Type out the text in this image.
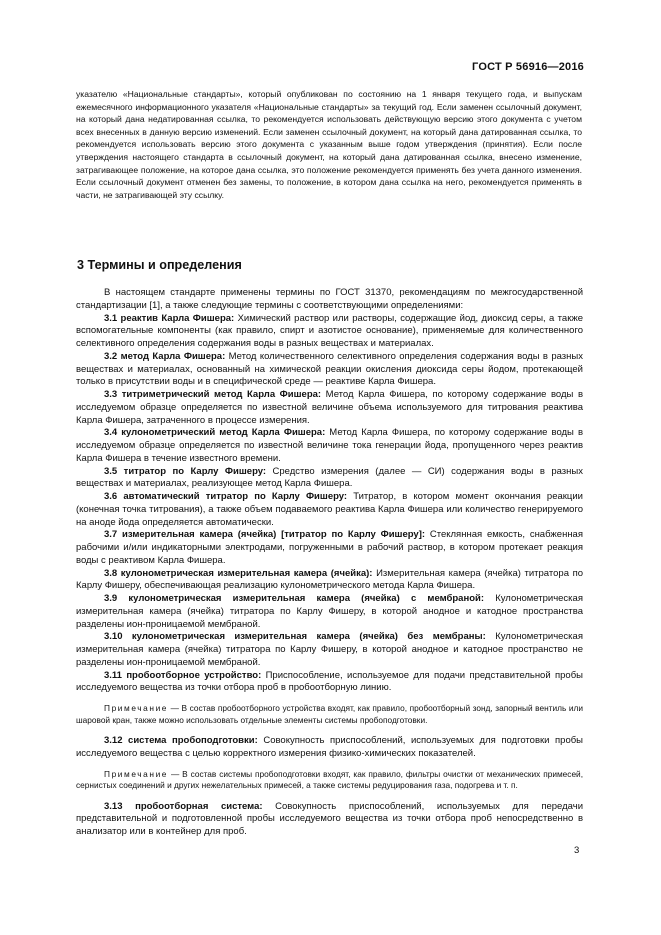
ГОСТ Р 56916—2016
указателю «Национальные стандарты», который опубликован по состоянию на 1 января текущего года, и выпускам ежемесячного информационного указателя «Национальные стандарты» за текущий год. Если заменен ссылочный документ, на который дана недатированная ссылка, то рекомендуется использовать действующую версию этого документа с учетом всех внесенных в данную версию изменений. Если заменен ссылочный документ, на который дана датированная ссылка, то рекомендуется использовать версию этого документа с указанным выше годом утверждения (принятия). Если после утверждения настоящего стандарта в ссылочный документ, на который дана датированная ссылка, внесено изменение, затрагивающее положение, на которое дана ссылка, это положение рекомендуется применять без учета данного изменения. Если ссылочный документ отменен без замены, то положение, в котором дана ссылка на него, рекомендуется применять в части, не затрагивающей эту ссылку.
3 Термины и определения

В настоящем стандарте применены термины по ГОСТ 31370, рекомендациям по межгосударственной стандартизации [1], а также следующие термины с соответствующими определениями:

3.1 реактив Карла Фишера: Химический раствор или растворы, содержащие йод, диоксид серы, а также вспомогательные компоненты (как правило, спирт и азотистое основание), применяемые для количественного селективного определения содержания воды в разных веществах и материалах.

3.2 метод Карла Фишера: Метод количественного селективного определения содержания воды в разных веществах и материалах, основанный на химической реакции окисления диоксида серы йодом, протекающей только в присутствии воды и в специфической среде — реактиве Карла Фишера.

3.3 титриметрический метод Карла Фишера: Метод Карла Фишера, по которому содержание воды в исследуемом образце определяется по известной величине объема используемого для титрования реактива Карла Фишера, затраченного в процессе измерения.

3.4 кулонометрический метод Карла Фишера: Метод Карла Фишера, по которому содержание воды в исследуемом образце определяется по известной величине тока генерации йода, пропущенного через реактив Карла Фишера в течение известного времени.

3.5 титратор по Карлу Фишеру: Средство измерения (далее — СИ) содержания воды в разных веществах и материалах, реализующее метод Карла Фишера.

3.6 автоматический титратор по Карлу Фишеру: Титратор, в котором момент окончания реакции (конечная точка титрования), а также объем подаваемого реактива Карла Фишера или количество генерируемого на аноде йода определяется автоматически.

3.7 измерительная камера (ячейка) [титратор по Карлу Фишеру]: Стеклянная емкость, снабженная рабочими и/или индикаторными электродами, погруженными в рабочий раствор, в котором протекает реакция воды с реактивом Карла Фишера.

3.8 кулонометрическая измерительная камера (ячейка): Измерительная камера (ячейка) титратора по Карлу Фишеру, обеспечивающая реализацию кулонометрического метода Карла Фишера.

3.9 кулонометрическая измерительная камера (ячейка) с мембраной: Кулонометрическая измерительная камера (ячейка) титратора по Карлу Фишеру, в которой анодное и катодное пространства разделены ион-проницаемой мембраной.

3.10 кулонометрическая измерительная камера (ячейка) без мембраны: Кулонометрическая измерительная камера (ячейка) титратора по Карлу Фишеру, в которой анодное и катодное пространство не разделены ион-проницаемой мембраной.

3.11 пробоотборное устройство: Приспособление, используемое для подачи представительной пробы исследуемого вещества из точки отбора проб в пробоотборную линию.

Примечание — В состав пробоотборного устройства входят, как правило, пробоотборный зонд, запорный вентиль или шаровой кран, также можно использовать отдельные элементы системы пробоподготовки.

3.12 система пробоподготовки: Совокупность приспособлений, используемых для подготовки пробы исследуемого вещества с целью корректного измерения физико-химических показателей.

Примечание — В состав системы пробоподготовки входят, как правило, фильтры очистки от механических примесей, сернистых соединений и других нежелательных примесей, а также системы редуцирования газа, подогрева и т. п.

3.13 пробоотборная система: Совокупность приспособлений, используемых для передачи представительной и подготовленной пробы исследуемого вещества из точки отбора проб непосредственно в анализатор или в контейнер для проб.

3
